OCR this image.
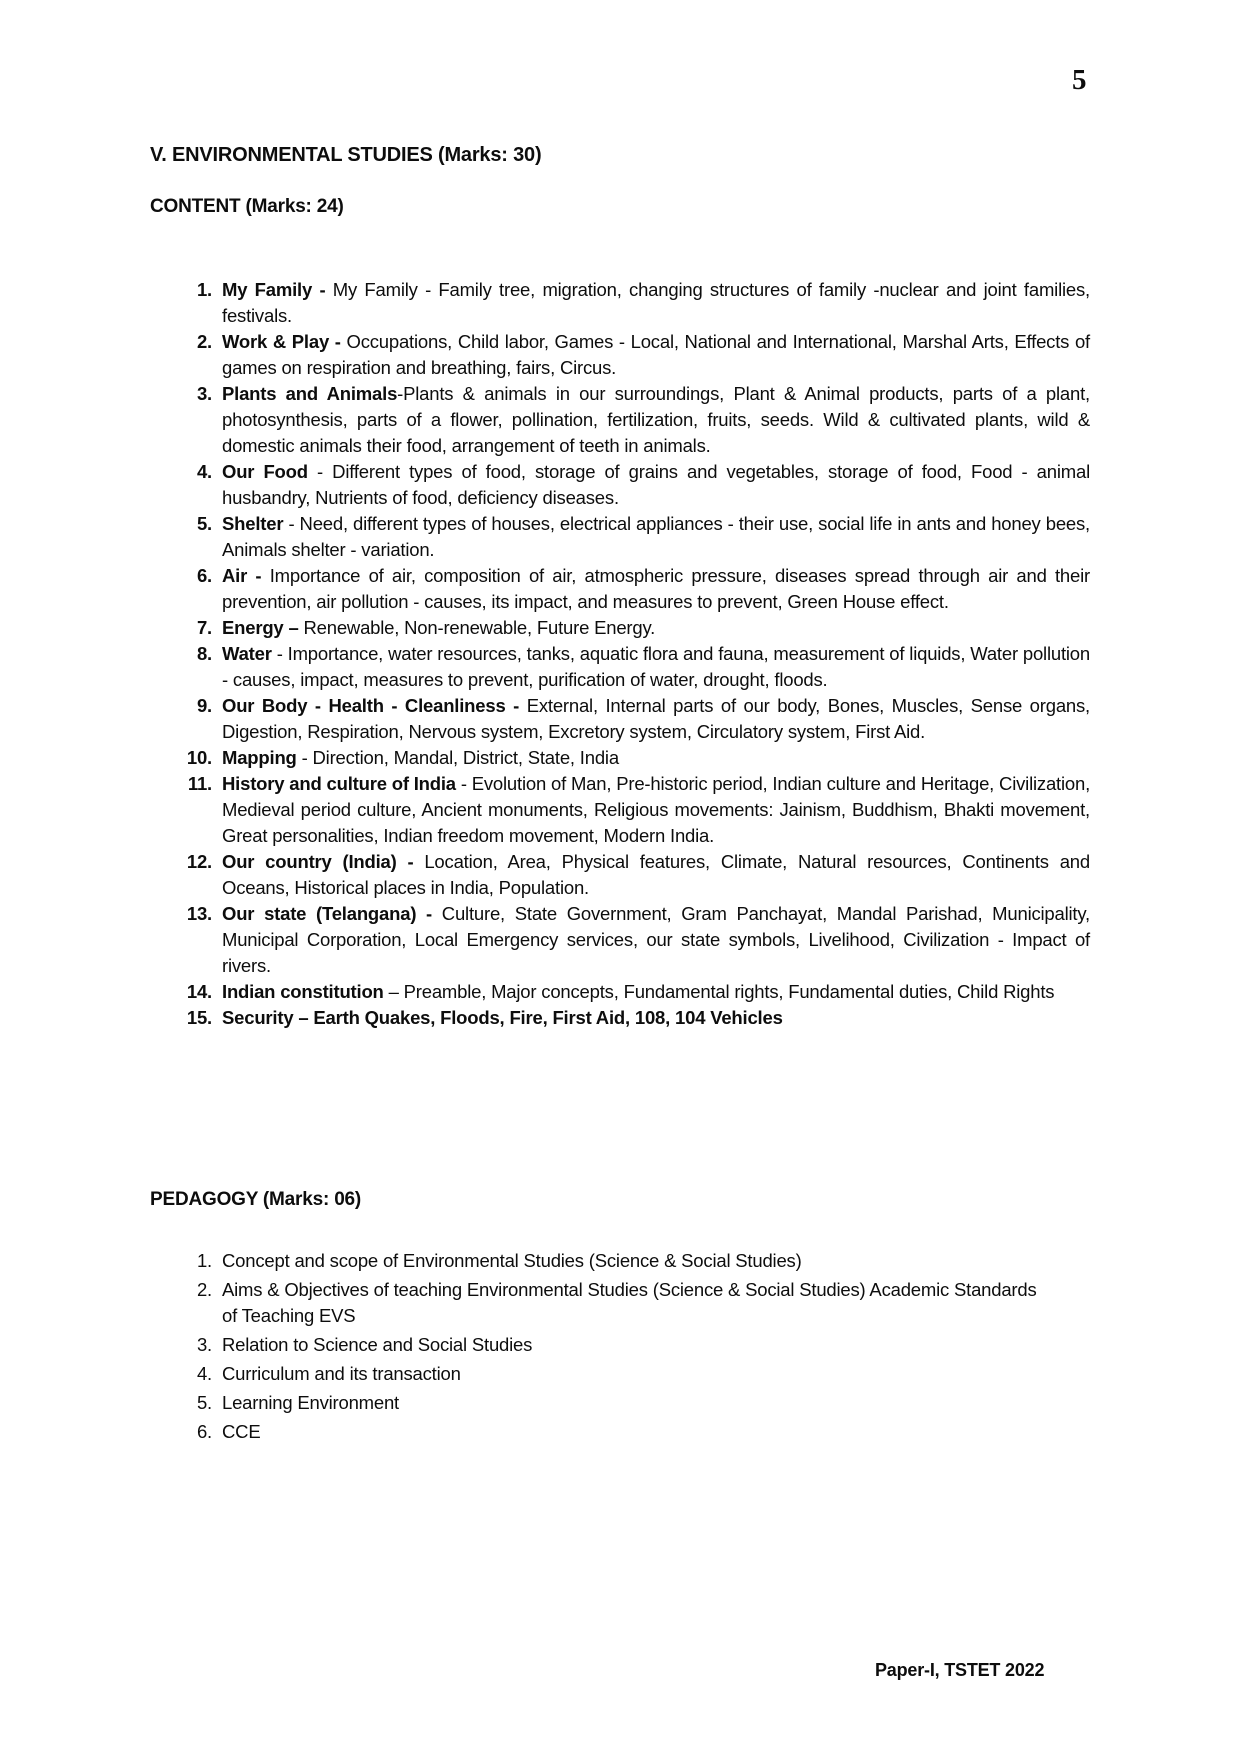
5
V. ENVIRONMENTAL STUDIES (Marks: 30)
CONTENT (Marks: 24)
1. My Family - My Family - Family tree, migration, changing structures of family -nuclear and joint families, festivals.
2. Work & Play - Occupations, Child labor, Games - Local, National and International, Marshal Arts, Effects of games on respiration and breathing, fairs, Circus.
3. Plants and Animals-Plants & animals in our surroundings, Plant & Animal products, parts of a plant, photosynthesis, parts of a flower, pollination, fertilization, fruits, seeds. Wild & cultivated plants, wild & domestic animals their food, arrangement of teeth in animals.
4. Our Food - Different types of food, storage of grains and vegetables, storage of food, Food - animal husbandry, Nutrients of food, deficiency diseases.
5. Shelter - Need, different types of houses, electrical appliances - their use, social life in ants and honey bees, Animals shelter - variation.
6. Air - Importance of air, composition of air, atmospheric pressure, diseases spread through air and their prevention, air pollution - causes, its impact, and measures to prevent, Green House effect.
7. Energy – Renewable, Non-renewable, Future Energy.
8. Water - Importance, water resources, tanks, aquatic flora and fauna, measurement of liquids, Water pollution - causes, impact, measures to prevent, purification of water, drought, floods.
9. Our Body - Health - Cleanliness - External, Internal parts of our body, Bones, Muscles, Sense organs, Digestion, Respiration, Nervous system, Excretory system, Circulatory system, First Aid.
10. Mapping - Direction, Mandal, District, State, India
11. History and culture of India - Evolution of Man, Pre-historic period, Indian culture and Heritage, Civilization, Medieval period culture, Ancient monuments, Religious movements: Jainism, Buddhism, Bhakti movement, Great personalities, Indian freedom movement, Modern India.
12. Our country (India) - Location, Area, Physical features, Climate, Natural resources, Continents and Oceans, Historical places in India, Population.
13. Our state (Telangana) - Culture, State Government, Gram Panchayat, Mandal Parishad, Municipality, Municipal Corporation, Local Emergency services, our state symbols, Livelihood, Civilization - Impact of rivers.
14. Indian constitution – Preamble, Major concepts, Fundamental rights, Fundamental duties, Child Rights
15. Security – Earth Quakes, Floods, Fire, First Aid, 108, 104 Vehicles
PEDAGOGY (Marks: 06)
1. Concept and scope of Environmental Studies (Science & Social Studies)
2. Aims & Objectives of teaching Environmental Studies (Science & Social Studies) Academic Standards of Teaching EVS
3. Relation to Science and Social Studies
4. Curriculum and its transaction
5. Learning Environment
6. CCE
Paper-I, TSTET 2022
